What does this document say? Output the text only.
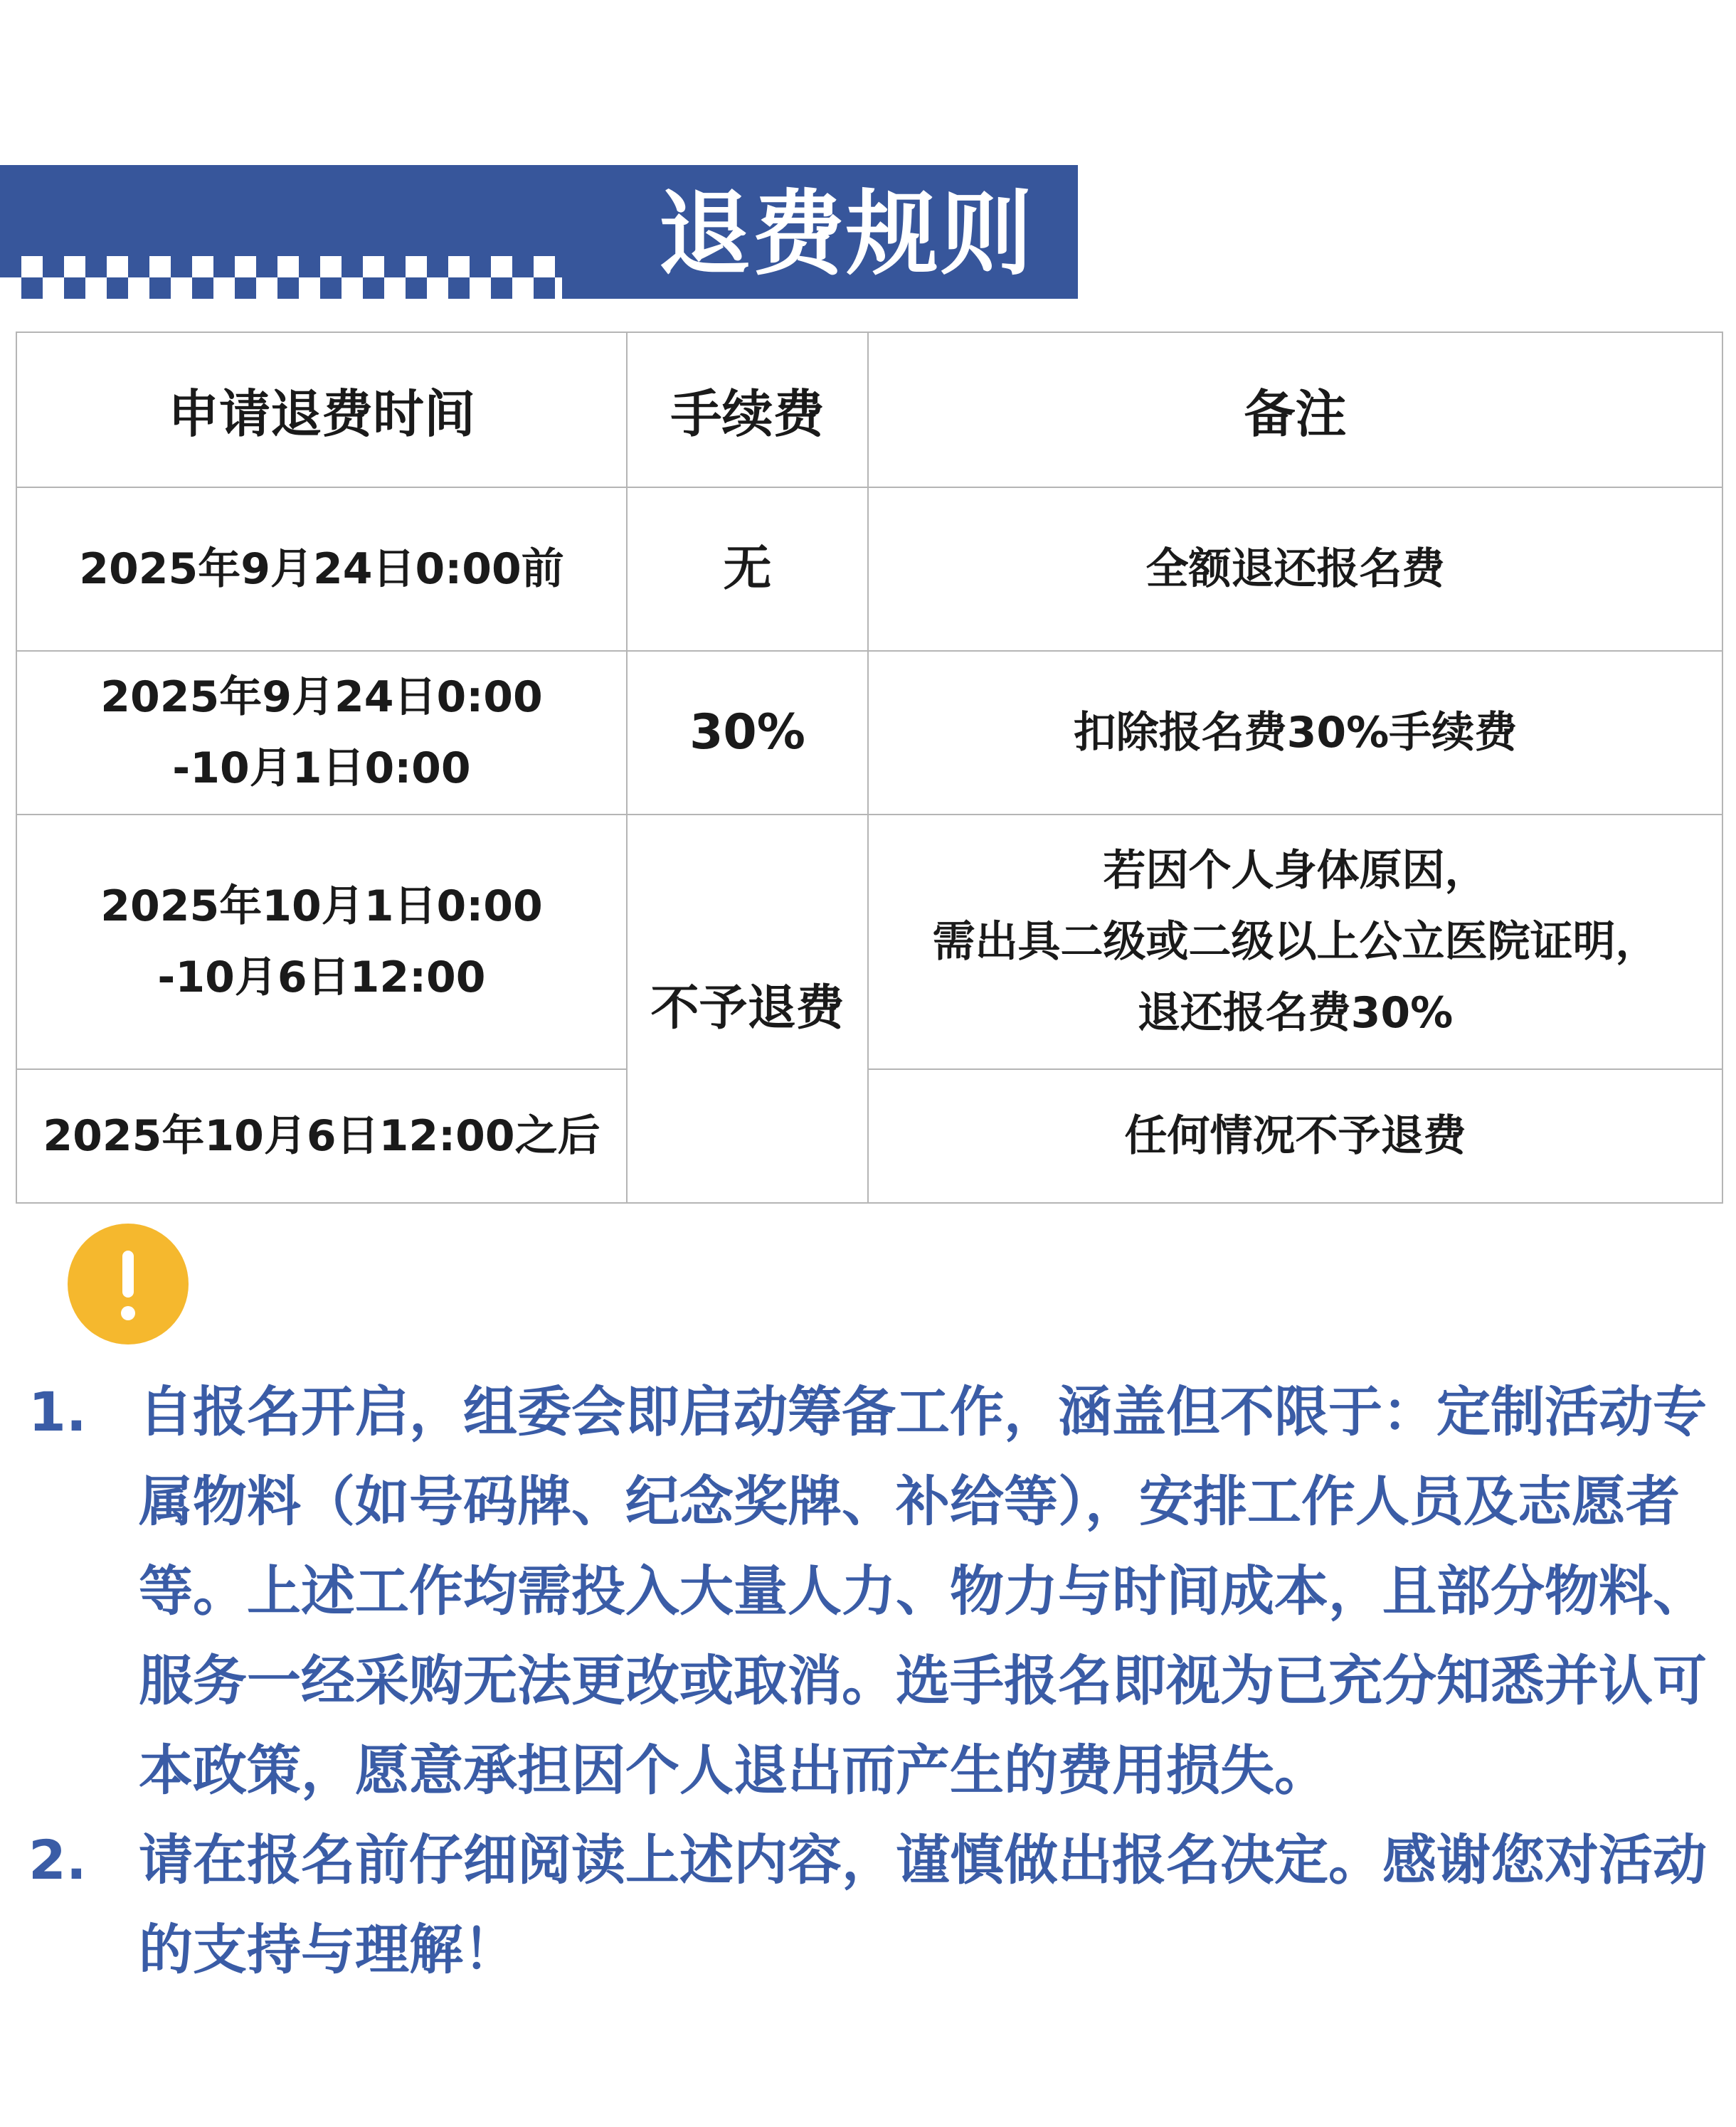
退费规则
申请退费时间	手续费	备注

2025年9月24日0:00前	无	全额退还报名费

2025年9月24日0:00
-10月1日0:00	30%	扣除报名费30%手续费

2025年10月1日0:00
-10月6日12:00	不予退费	若因个人身体原因，
需出具二级或二级以上公立医院证明，
退还报名费30%

2025年10月6日12:00之后		任何情况不予退费
1. 自报名开启，组委会即启动筹备工作，涵盖但不限于：定制活动专属物料（如号码牌、纪念奖牌、补给等），安排工作人员及志愿者等。上述工作均需投入大量人力、物力与时间成本，且部分物料、服务一经采购无法更改或取消。选手报名即视为已充分知悉并认可本政策，愿意承担因个人退出而产生的费用损失。
2. 请在报名前仔细阅读上述内容，谨慎做出报名决定。感谢您对活动的支持与理解！
